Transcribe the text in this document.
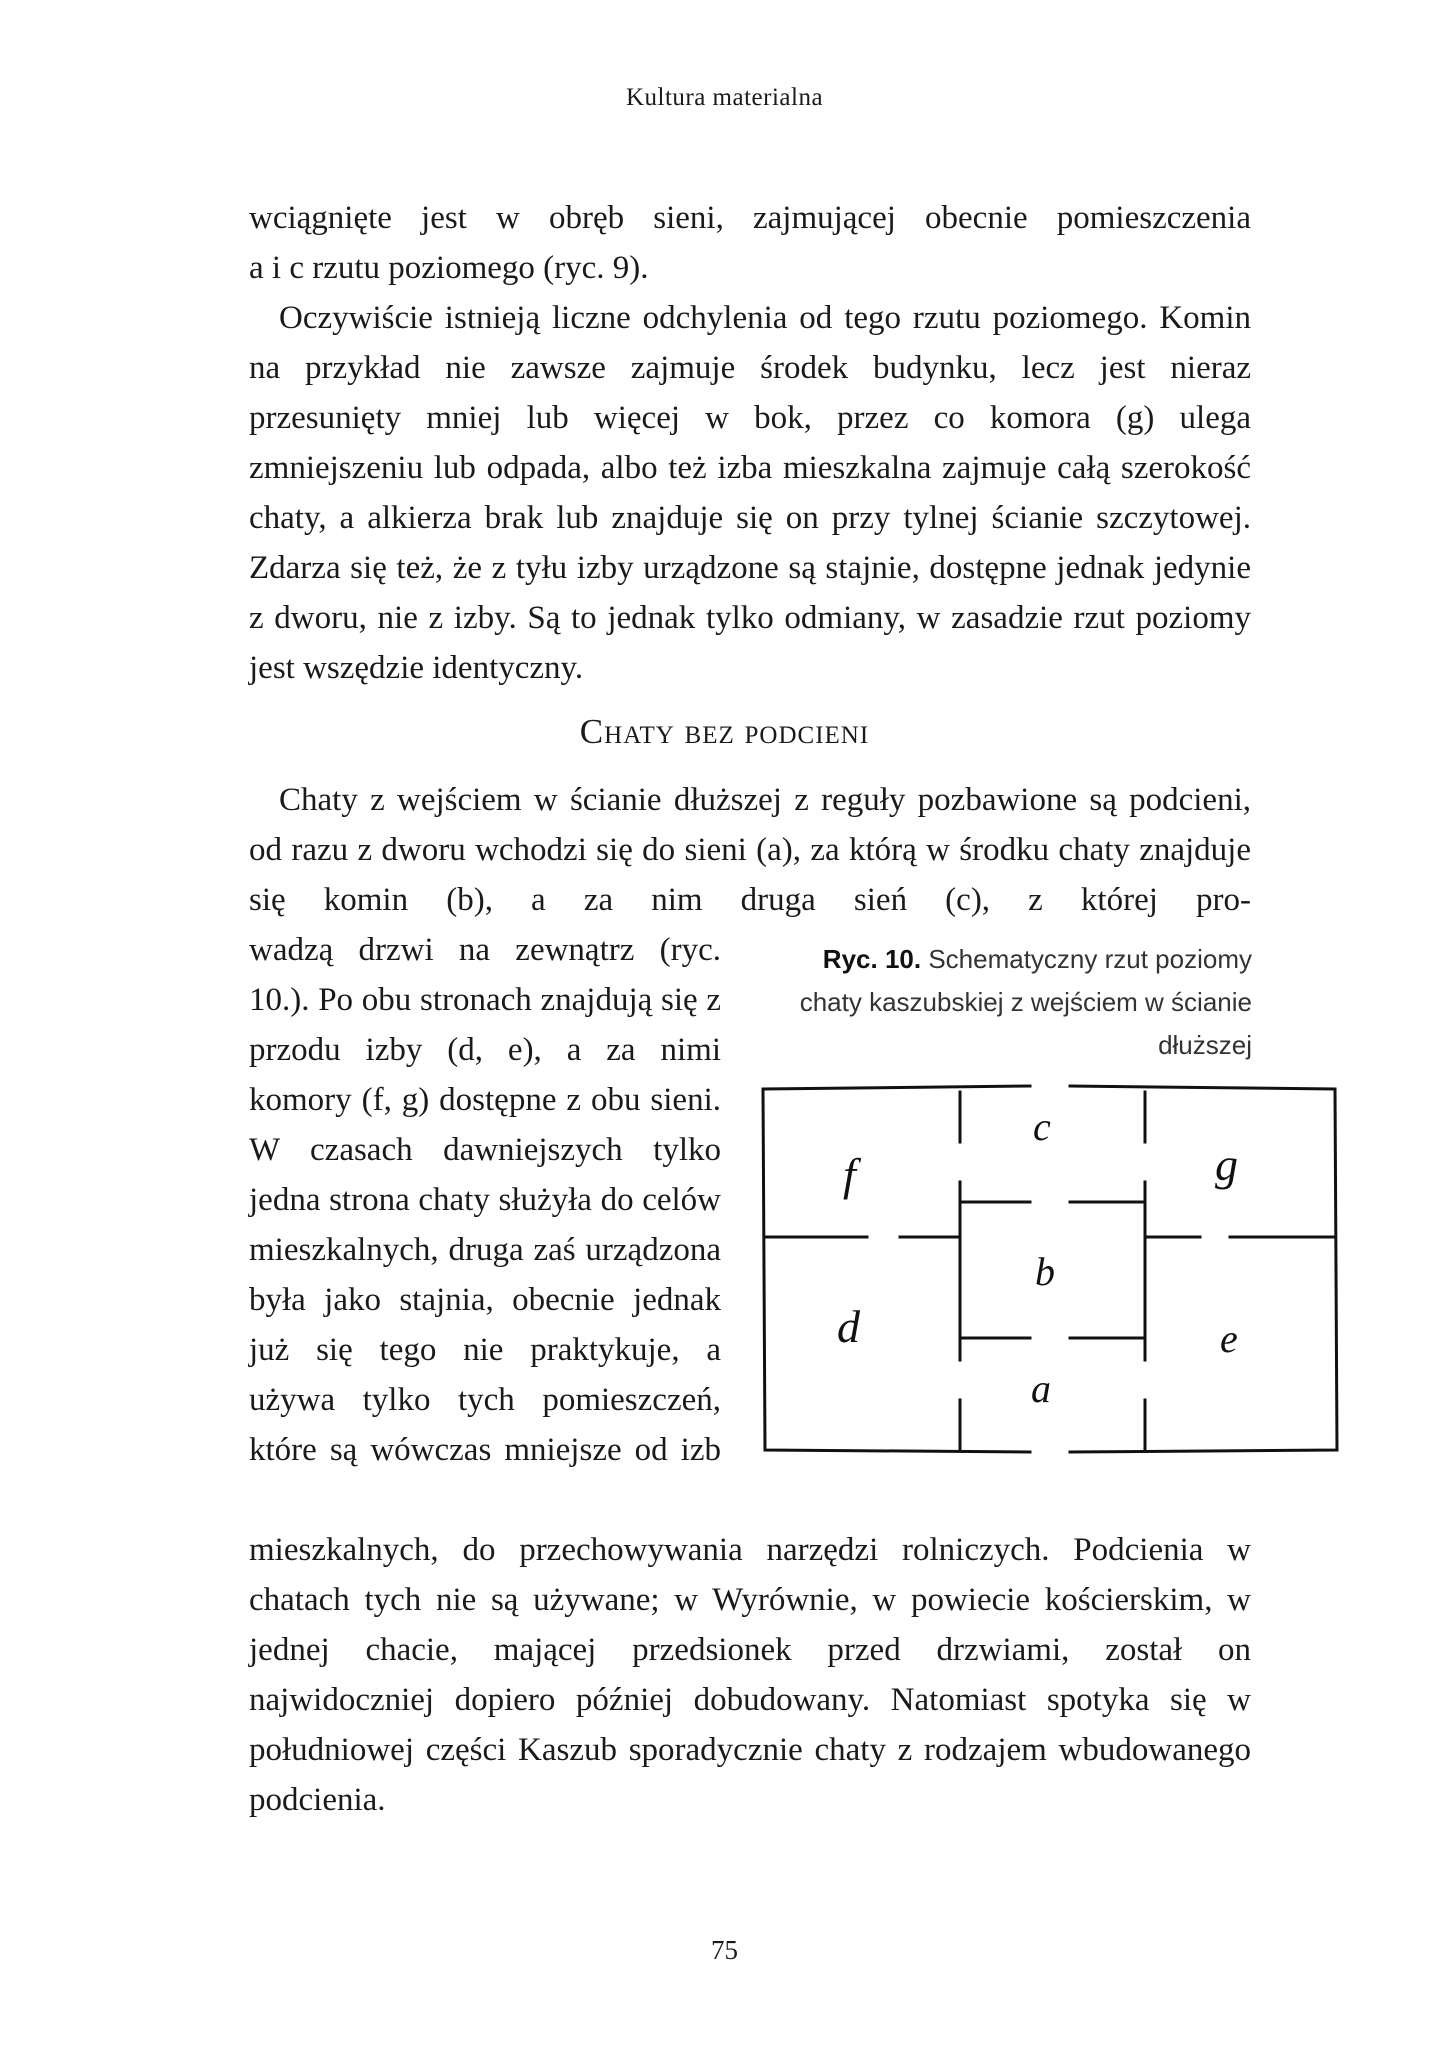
Kultura materialna

wciągnięte jest w obręb sieni, zajmującej obecnie pomieszczenia

a i c rzutu poziomego (ryc. 9).

Oczywiście istnieją liczne odchylenia od tego rzutu poziomego. Komin na przykład nie zawsze zajmuje środek budynku, lecz jest nieraz przesunięty mniej lub więcej w bok, przez co komora (g) ulega zmniejszeniu lub odpada, albo też izba mieszkalna zajmuje całą szerokość chaty, a alkierza brak lub znajduje się on przy tylnej ścianie szczytowej. Zdarza się też, że z tyłu izby urządzone są stajnie, dostępne jednak jedynie z dworu, nie z izby. Są to jednak tylko odmiany, w zasadzie rzut poziomy jest wszędzie identyczny.

Chaty bez podcieni

Chaty z wejściem w ścianie dłuższej z reguły pozbawione są podcieni, od razu z dworu wchodzi się do sieni (a), za którą w środku chaty znajduje się komin (b), a za nim druga sień (c), z której pro-

wadzą drzwi na zewnątrz (ryc. 10.). Po obu stronach znajdują się z przodu izby (d, e), a za nimi komory (f, g) dostępne z obu sieni. W czasach dawniejszych tylko jedna strona chaty służyła do celów mieszkalnych, druga zaś urządzona była jako stajnia, obecnie jednak już się tego nie praktykuje, a używa tylko tych pomieszczeń, które są wówczas mniejsze od izb

Ryc. 10. Schematyczny rzut poziomy chaty kaszubskiej z wejściem w ścianie dłuższej
f
c
g
b
d	e
a

mieszkalnych, do przechowywania narzędzi rolniczych. Podcienia w chatach tych nie są używane; w Wyrównie, w powiecie kościerskim, w jednej chacie, mającej przedsionek przed drzwiami, został on najwidoczniej dopiero później dobudowany. Natomiast spotyka się w południowej części Kaszub sporadycznie chaty z rodzajem wbudowanego podcienia.

75
